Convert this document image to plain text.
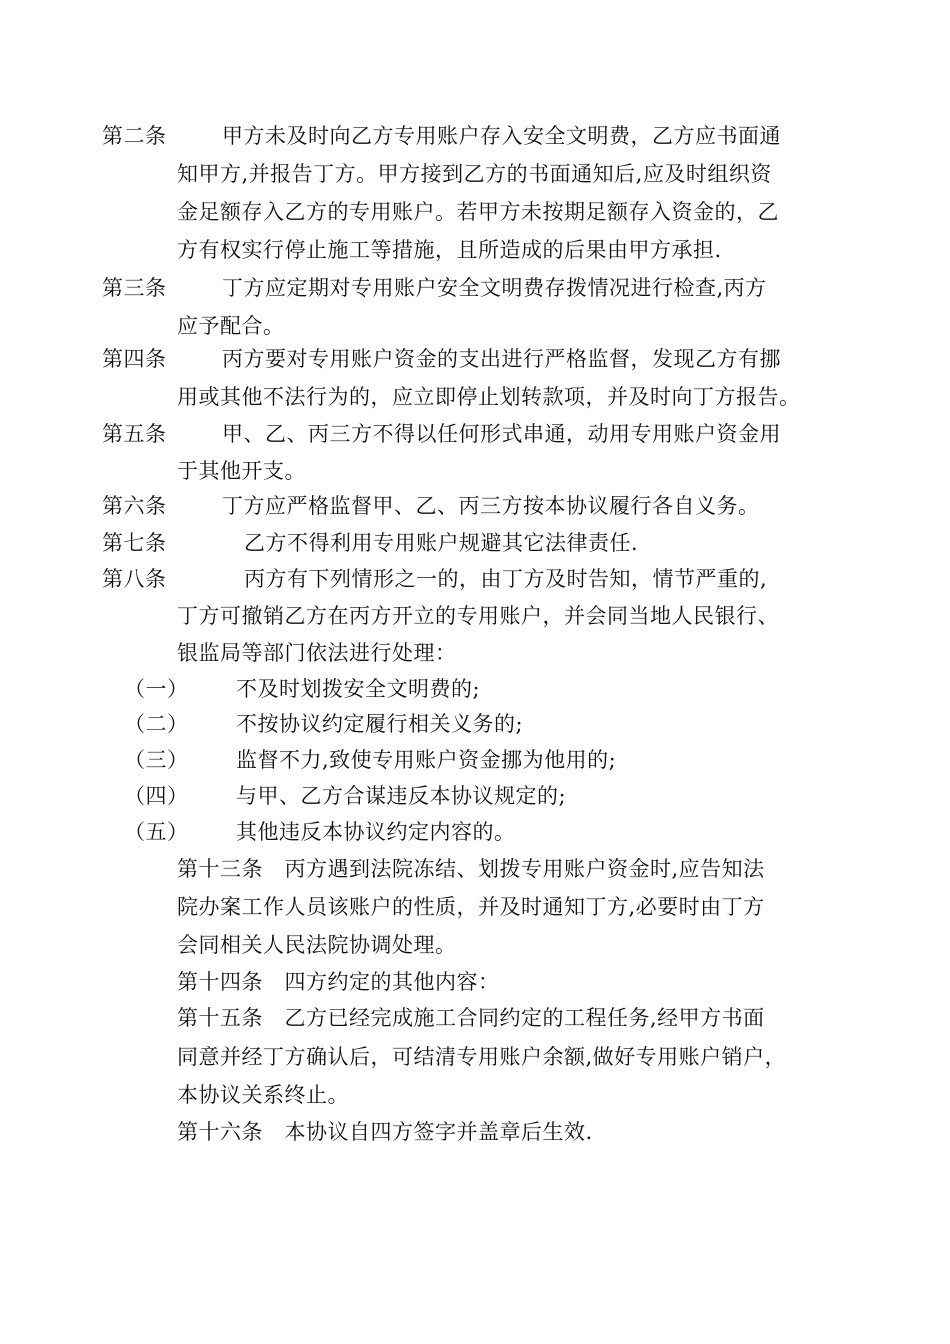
第二条	甲方未及时向乙方专用账户存入安全文明费，乙方应书面通
知甲方,并报告丁方。甲方接到乙方的书面通知后,应及时组织资
金足额存入乙方的专用账户。若甲方未按期足额存入资金的，乙
方有权实行停止施工等措施，且所造成的后果由甲方承担.
第三条	丁方应定期对专用账户安全文明费存拨情况进行检查,丙方
应予配合。
第四条	丙方要对专用账户资金的支出进行严格监督，发现乙方有挪
用或其他不法行为的，应立即停止划转款项，并及时向丁方报告。
第五条	甲、乙、丙三方不得以任何形式串通，动用专用账户资金用
于其他开支。
第六条	丁方应严格监督甲、乙、丙三方按本协议履行各自义务。
第七条	乙方不得利用专用账户规避其它法律责任.
第八条	丙方有下列情形之一的，由丁方及时告知，情节严重的,
丁方可撤销乙方在丙方开立的专用账户，并会同当地人民银行、
银监局等部门依法进行处理：
（一） 不及时划拨安全文明费的;
（二） 不按协议约定履行相关义务的;
（三） 监督不力,致使专用账户资金挪为他用的;
（四） 与甲、乙方合谋违反本协议规定的;
（五） 其他违反本协议约定内容的。
第十三条　丙方遇到法院冻结、划拨专用账户资金时,应告知法
院办案工作人员该账户的性质，并及时通知丁方,必要时由丁方
会同相关人民法院协调处理。
第十四条　四方约定的其他内容：
第十五条　乙方已经完成施工合同约定的工程任务,经甲方书面
同意并经丁方确认后，可结清专用账户余额,做好专用账户销户，
本协议关系终止。
第十六条　本协议自四方签字并盖章后生效.
